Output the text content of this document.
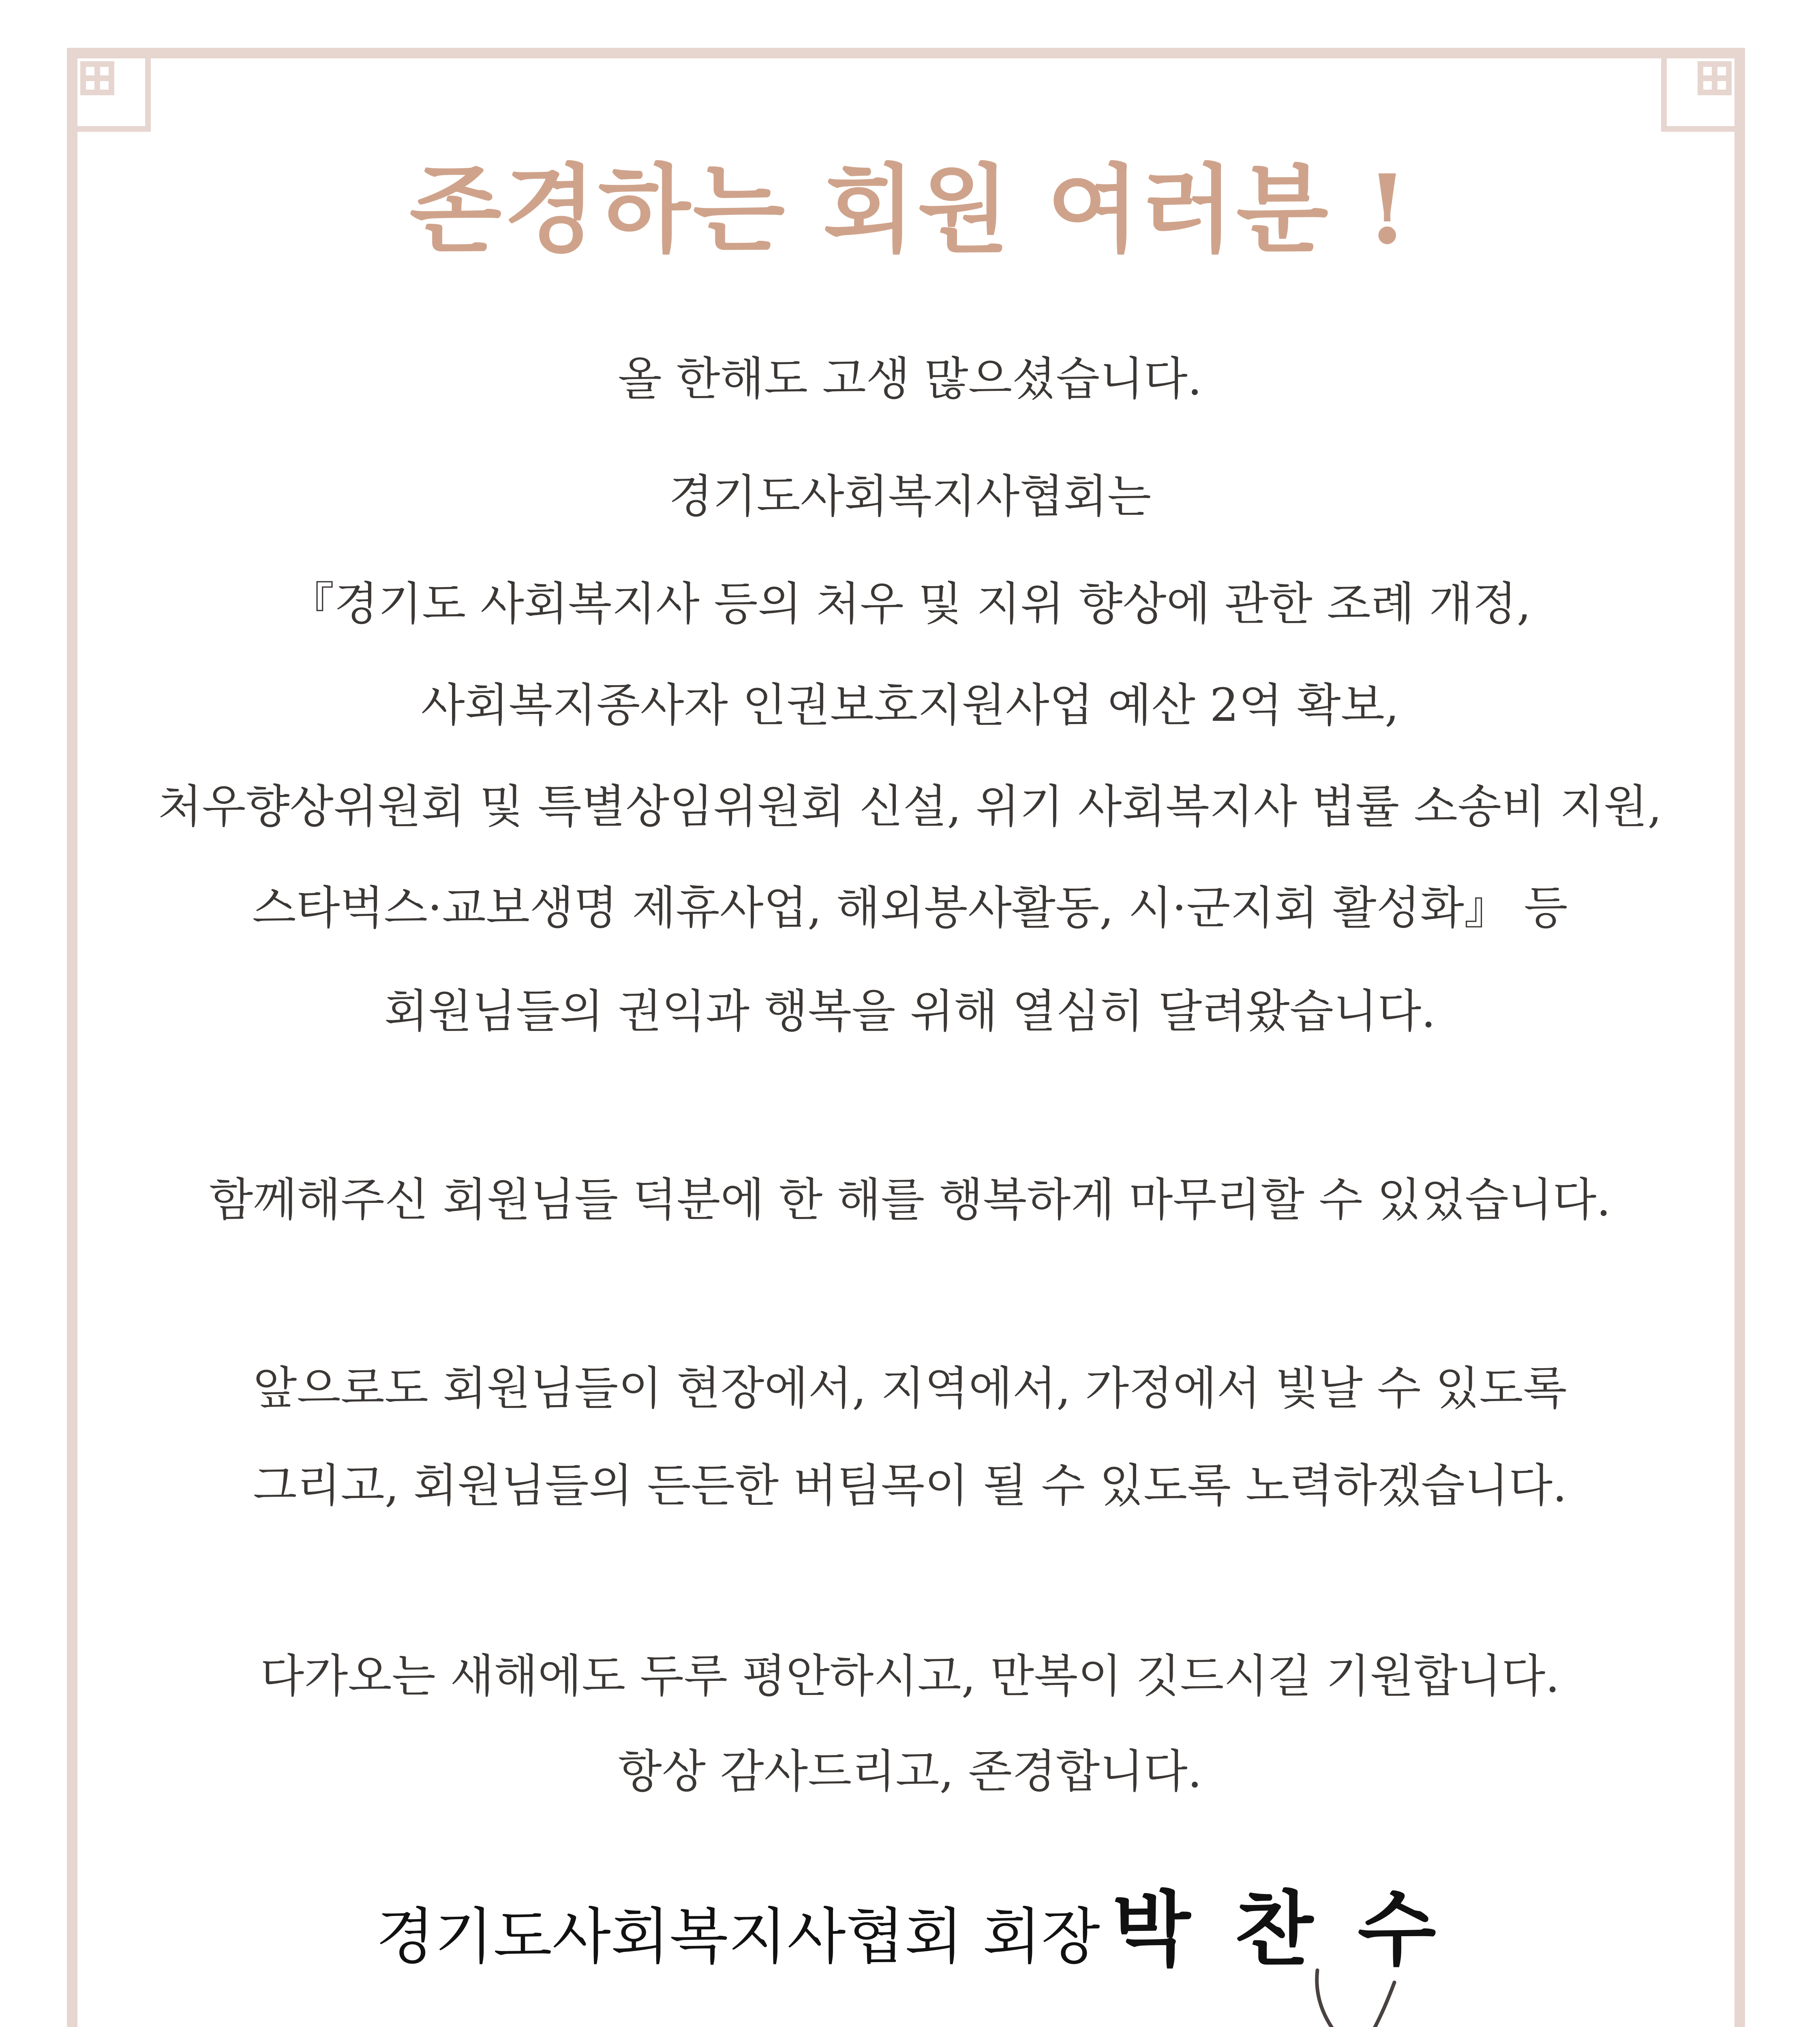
존경하는 회원 여러분 !
올 한해도 고생 많으셨습니다.
경기도사회복지사협회는
『경기도 사회복지사 등의 처우 및 지위 향상에 관한 조례 개정,
사회복지종사자 인권보호지원사업 예산 2억 확보,
처우향상위원회 및 특별상임위원회 신설, 위기 사회복지사 법률 소송비 지원,
스타벅스·교보생명 제휴사업, 해외봉사활동, 시·군지회 활성화』 등
회원님들의 권익과 행복을 위해 열심히 달려왔습니다.
함께해주신 회원님들 덕분에 한 해를 행복하게 마무리할 수 있었습니다.
앞으로도 회원님들이 현장에서, 지역에서, 가정에서 빛날 수 있도록
그리고, 회원님들의 든든한 버팀목이 될 수 있도록 노력하겠습니다.
다가오는 새해에도 두루 평안하시고, 만복이 깃드시길 기원합니다.
항상 감사드리고, 존경합니다.
경기도사회복지사협회 회장 박 찬 수
